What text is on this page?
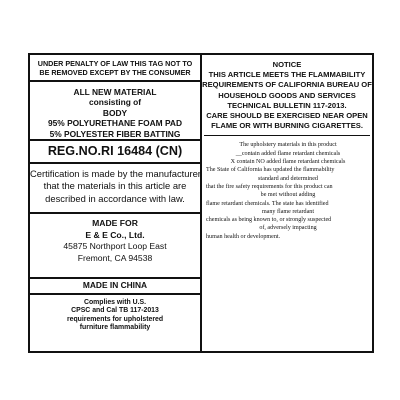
UNDER PENALTY OF LAW THIS TAG NOT TO
BE REMOVED EXCEPT BY THE CONSUMER
ALL NEW MATERIAL
consisting of
BODY
95% POLYURETHANE FOAM PAD
5% POLYESTER FIBER BATTING
REG.NO.RI 16484 (CN)
Certification is made by the manufacturer
that the materials in this article are
described in accordance with law.
MADE FOR
E & E Co., Ltd.
45875 Northport Loop East
Fremont, CA 94538
MADE IN CHINA
Complies with U.S.
CPSC and Cal TB 117-2013
requirements for upholstered
furniture flammability
NOTICE
THIS ARTICLE MEETS THE FLAMMABILITY
REQUIREMENTS OF CALIFORNIA BUREAU OF
HOUSEHOLD GOODS AND SERVICES
TECHNICAL BULLETIN 117-2013.
CARE SHOULD BE EXERCISED NEAR OPEN
FLAME OR WITH BURNING CIGARETTES.
The upholstery materials in this product
__contain added flame retardant chemicals
X contain NO added flame retardant chemicals
The State of California has updated the flammability
standard and determined
that the fire safety requirements for this product can
be met without adding
flame retardant chemicals. The state has identified
many flame retardant
chemicals as being known to, or strongly suspected
of, adversely impacting
human health or development.
